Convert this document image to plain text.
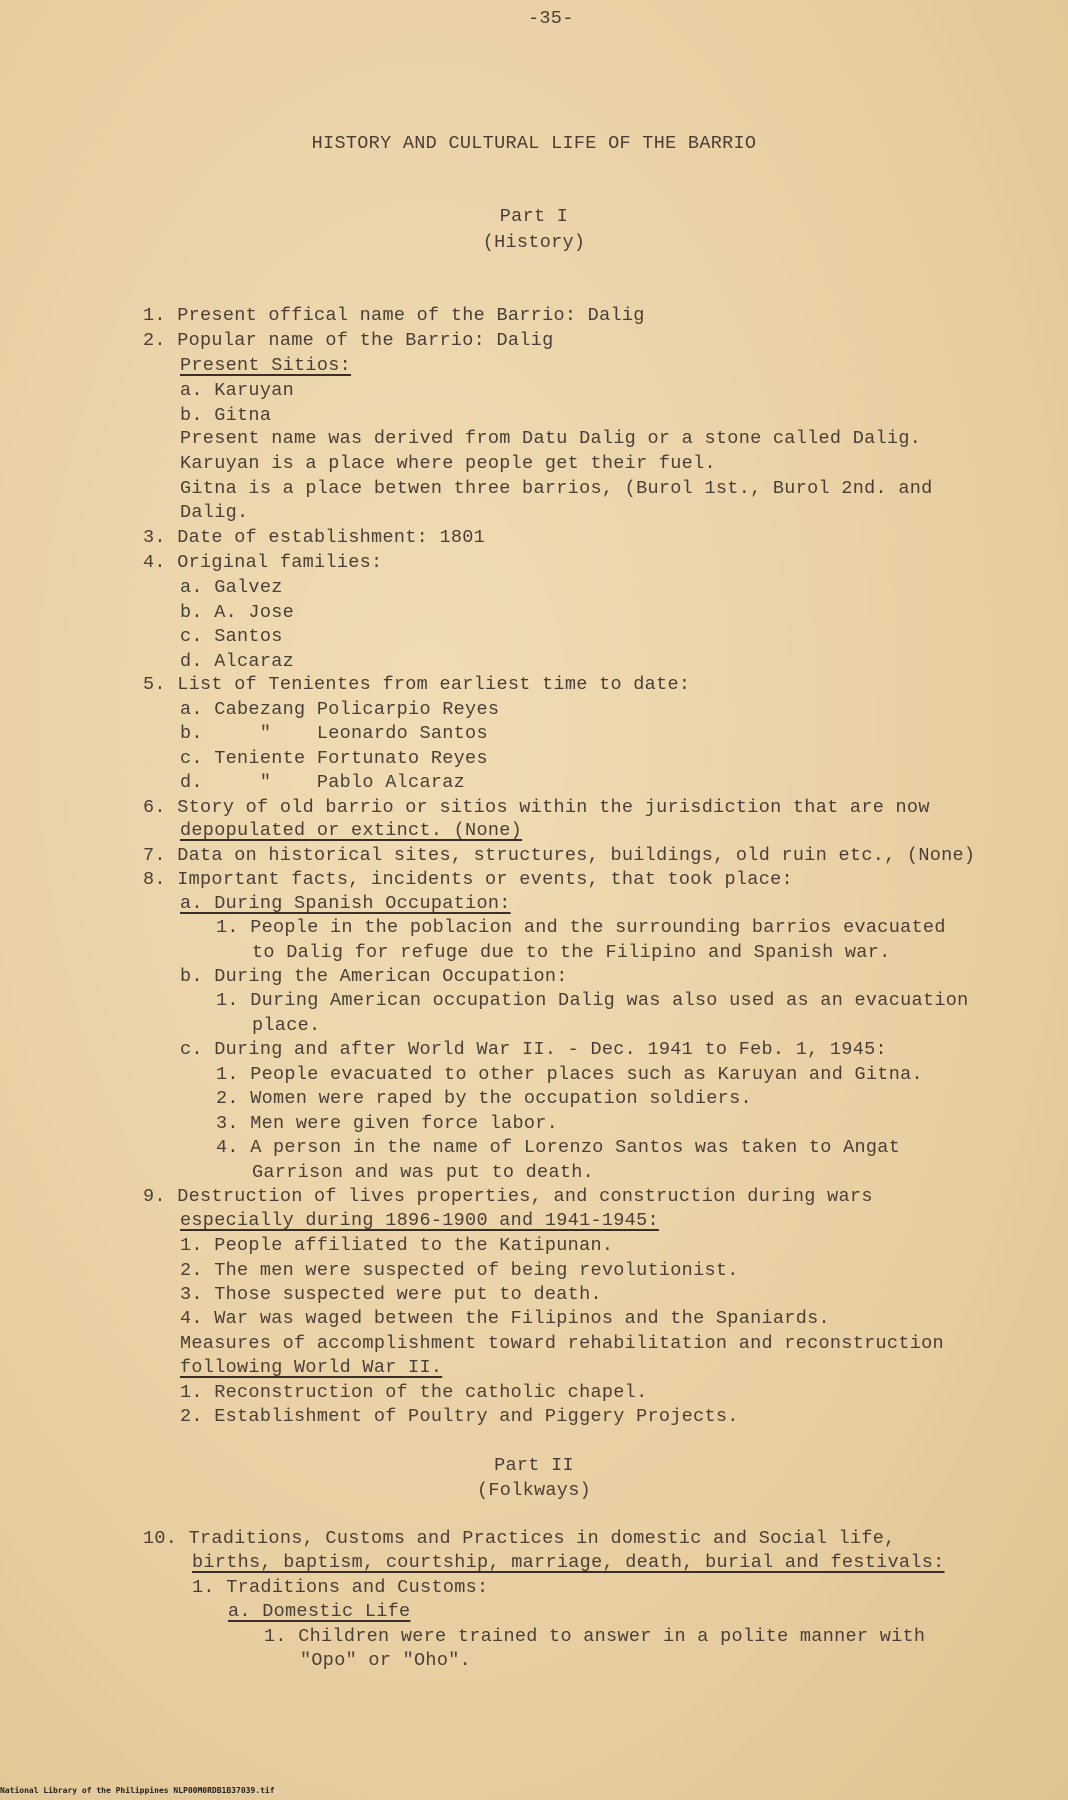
-35-
HISTORY AND CULTURAL LIFE OF THE BARRIO
Part I
(History)
1. Present offical name of the Barrio: Dalig
2. Popular name of the Barrio: Dalig
Present Sitios:
a. Karuyan
b. Gitna
Present name was derived from Datu Dalig or a stone called Dalig.
Karuyan is a place where people get their fuel.
Gitna is a place betwen three barrios, (Burol 1st., Burol 2nd. and
Dalig.
3. Date of establishment: 1801
4. Original families:
a. Galvez
b. A. Jose
c. Santos
d. Alcaraz
5. List of Tenientes from earliest time to date:
a. Cabezang Policarpio Reyes
b.     "    Leonardo Santos
c. Teniente Fortunato Reyes
d.     "    Pablo Alcaraz
6. Story of old barrio or sitios within the jurisdiction that are now
depopulated or extinct. (None)
7. Data on historical sites, structures, buildings, old ruin etc., (None)
8. Important facts, incidents or events, that took place:
a. During Spanish Occupation:
1. People in the poblacion and the surrounding barrios evacuated
to Dalig for refuge due to the Filipino and Spanish war.
b. During the American Occupation:
1. During American occupation Dalig was also used as an evacuation
place.
c. During and after World War II. - Dec. 1941 to Feb. 1, 1945:
1. People evacuated to other places such as Karuyan and Gitna.
2. Women were raped by the occupation soldiers.
3. Men were given force labor.
4. A person in the name of Lorenzo Santos was taken to Angat
Garrison and was put to death.
9. Destruction of lives properties, and construction during wars
especially during 1896-1900 and 1941-1945:
1. People affiliated to the Katipunan.
2. The men were suspected of being revolutionist.
3. Those suspected were put to death.
4. War was waged between the Filipinos and the Spaniards.
Measures of accomplishment toward rehabilitation and reconstruction
following World War II.
1. Reconstruction of the catholic chapel.
2. Establishment of Poultry and Piggery Projects.
Part II
(Folkways)
10. Traditions, Customs and Practices in domestic and Social life,
births, baptism, courtship, marriage, death, burial and festivals:
1. Traditions and Customs:
a. Domestic Life
1. Children were trained to answer in a polite manner with
"Opo" or "Oho".
National Library of the Philippines NLP00M0RDB1B37039.tif
